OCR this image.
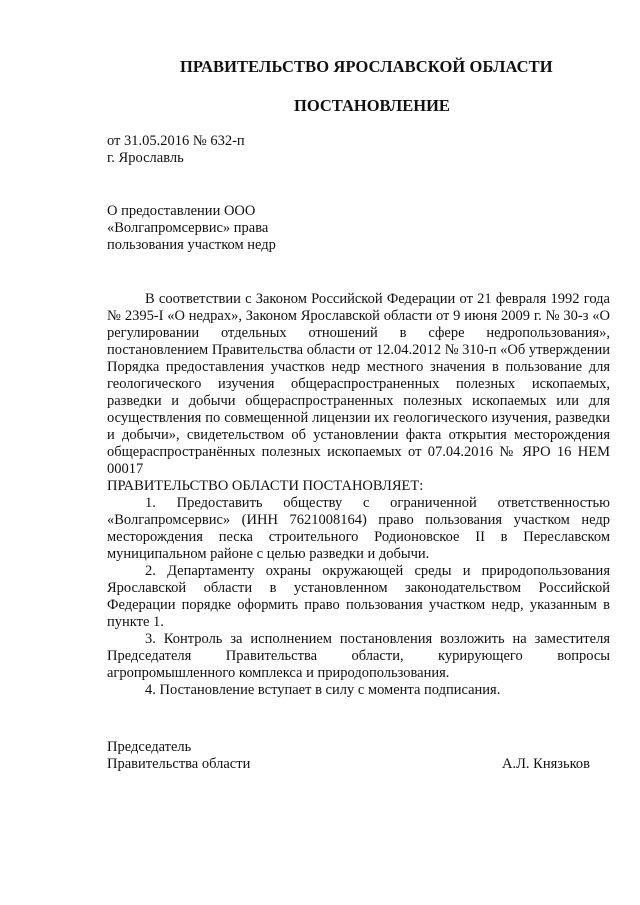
ПРАВИТЕЛЬСТВО ЯРОСЛАВСКОЙ ОБЛАСТИ
ПОСТАНОВЛЕНИЕ
от 31.05.2016 № 632-п
г. Ярославль
О предоставлении ООО
«Волгапромсервис» права
пользования участком недр

В соответствии с Законом Российской Федерации от 21 февраля 1992 года № 2395-I «О недрах», Законом Ярославской области от 9 июня 2009 г. № 30-з «О регулировании отдельных отношений в сфере недропользования», постановлением Правительства области от 12.04.2012 № 310-п «Об утверждении Порядка предоставления участков недр местного значения в пользование для геологического изучения общераспространенных полезных ископаемых, разведки и добычи общераспространенных полезных ископаемых или для осуществления по совмещенной лицензии их геологического изучения, разведки и добычи», свидетельством об установлении факта открытия месторождения общераспространённых полезных ископаемых от 07.04.2016 № ЯРО 16 НЕМ 00017

ПРАВИТЕЛЬСТВО ОБЛАСТИ ПОСТАНОВЛЯЕТ:

1. Предоставить обществу с ограниченной ответственностью «Волгапромсервис» (ИНН 7621008164) право пользования участком недр месторождения песка строительного Родионовское II в Переславском муниципальном районе с целью разведки и добычи.

2. Департаменту охраны окружающей среды и природопользования Ярославской области в установленном законодательством Российской Федерации порядке оформить право пользования участком недр, указанным в пункте 1.

3. Контроль за исполнением постановления возложить на заместителя Председателя Правительства области, курирующего вопросы агропромышленного комплекса и природопользования.

4. Постановление вступает в силу с момента подписания.

Председатель
Правительства области	А.Л. Князьков
